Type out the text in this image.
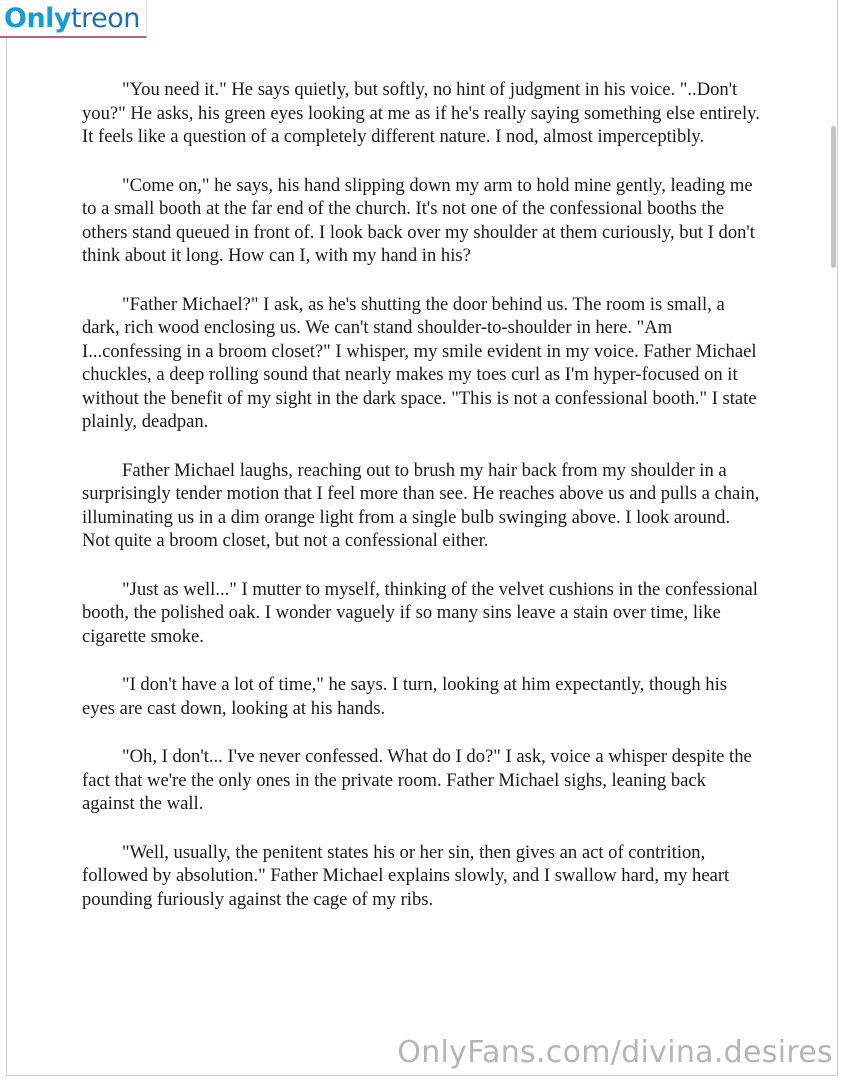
Only treon

"You need it." He says quietly, but softly, no hint of judgment in his voice. "..Don't you?" He asks, his green eyes looking at me as if he's really saying something else entirely. It feels like a question of a completely different nature. I nod, almost imperceptibly.

"Come on," he says, his hand slipping down my arm to hold mine gently, leading me to a small booth at the far end of the church. It's not one of the confessional booths the others stand queued in front of. I look back over my shoulder at them curiously, but I don't think about it long. How can I, with my hand in his?

"Father Michael?" I ask, as he's shutting the door behind us. The room is small, a dark, rich wood enclosing us. We can't stand shoulder-to-shoulder in here. "Am I...confessing in a broom closet?" I whisper, my smile evident in my voice. Father Michael chuckles, a deep rolling sound that nearly makes my toes curl as I'm hyper-focused on it without the benefit of my sight in the dark space. "This is not a confessional booth." I state plainly, deadpan.

Father Michael laughs, reaching out to brush my hair back from my shoulder in a surprisingly tender motion that I feel more than see. He reaches above us and pulls a chain, illuminating us in a dim orange light from a single bulb swinging above. I look around. Not quite a broom closet, but not a confessional either.

"Just as well..." I mutter to myself, thinking of the velvet cushions in the confessional booth, the polished oak. I wonder vaguely if so many sins leave a stain over time, like cigarette smoke.

"I don't have a lot of time," he says. I turn, looking at him expectantly, though his eyes are cast down, looking at his hands.

"Oh, I don't... I've never confessed. What do I do?" I ask, voice a whisper despite the fact that we're the only ones in the private room. Father Michael sighs, leaning back against the wall.

"Well, usually, the penitent states his or her sin, then gives an act of contrition, followed by absolution." Father Michael explains slowly, and I swallow hard, my heart pounding furiously against the cage of my ribs.

OnlyFans.com/divina.desires
